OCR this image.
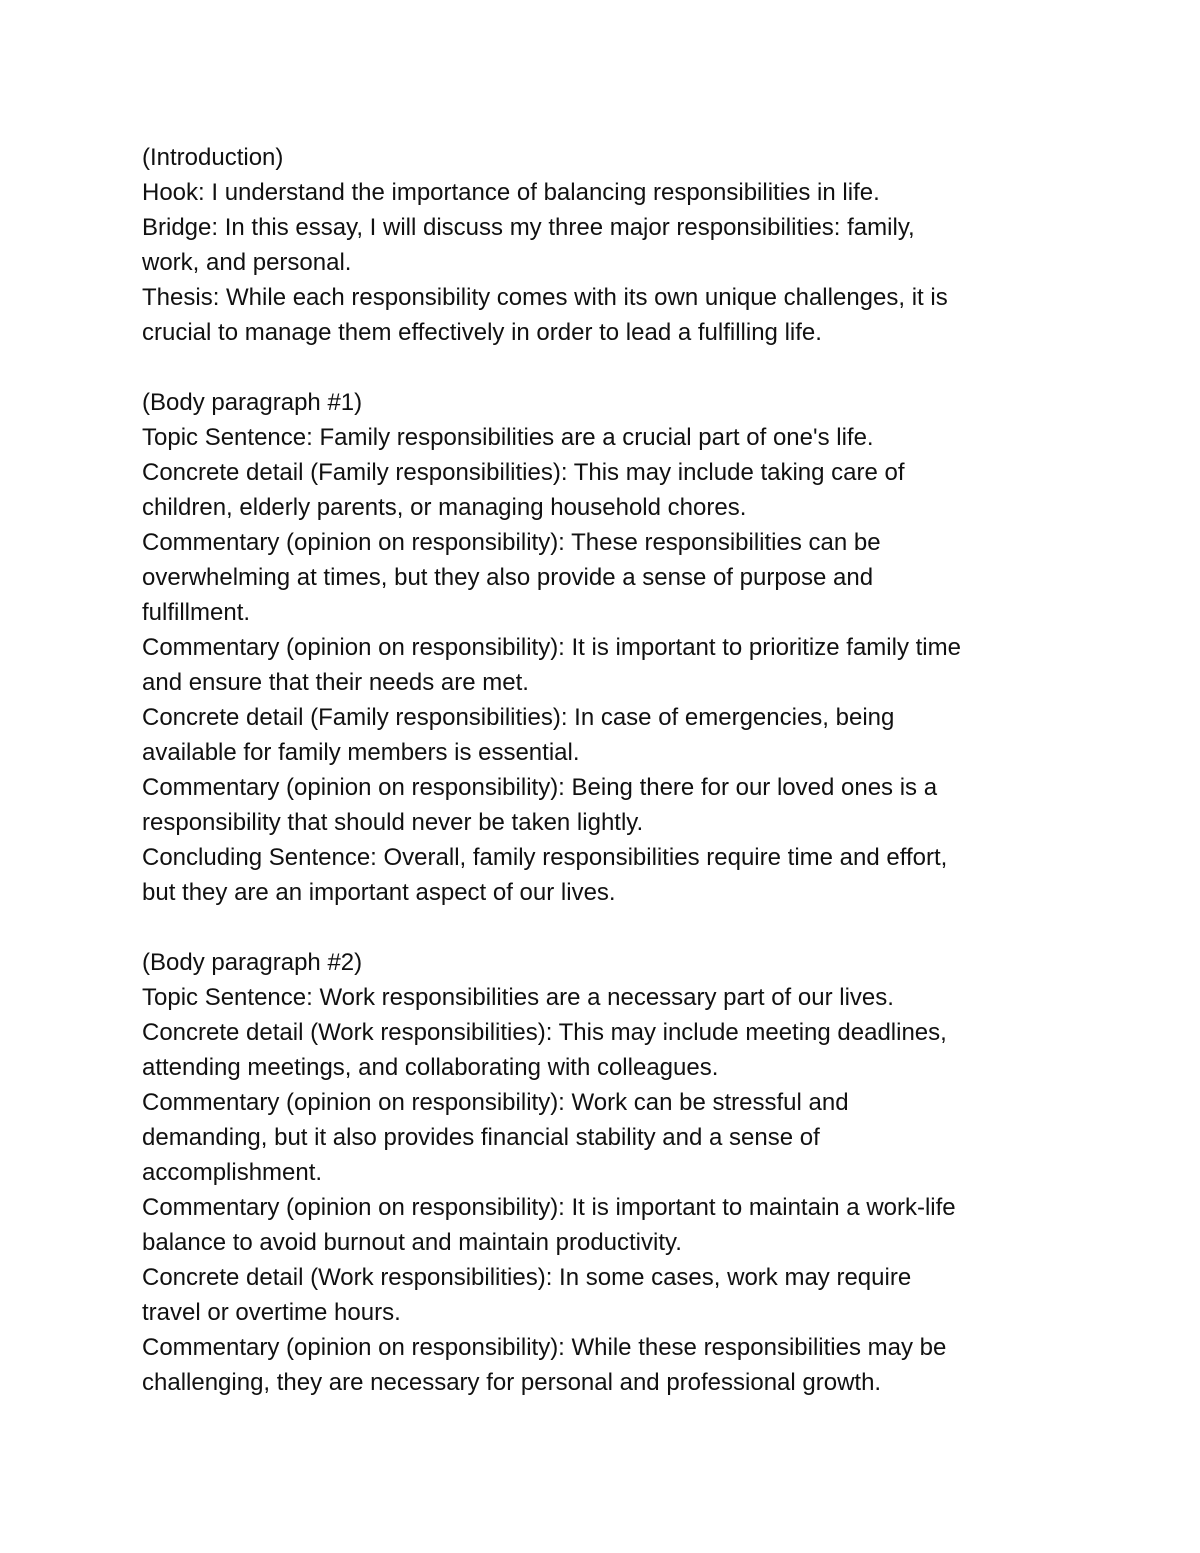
(Introduction)
Hook: I understand the importance of balancing responsibilities in life.
Bridge: In this essay, I will discuss my three major responsibilities: family,
work, and personal.
Thesis: While each responsibility comes with its own unique challenges, it is
crucial to manage them effectively in order to lead a fulfilling life.
(Body paragraph #1)
Topic Sentence: Family responsibilities are a crucial part of one's life.
Concrete detail (Family responsibilities): This may include taking care of
children, elderly parents, or managing household chores.
Commentary (opinion on responsibility): These responsibilities can be
overwhelming at times, but they also provide a sense of purpose and
fulfillment.
Commentary (opinion on responsibility): It is important to prioritize family time
and ensure that their needs are met.
Concrete detail (Family responsibilities): In case of emergencies, being
available for family members is essential.
Commentary (opinion on responsibility): Being there for our loved ones is a
responsibility that should never be taken lightly.
Concluding Sentence: Overall, family responsibilities require time and effort,
but they are an important aspect of our lives.
(Body paragraph #2)
Topic Sentence: Work responsibilities are a necessary part of our lives.
Concrete detail (Work responsibilities): This may include meeting deadlines,
attending meetings, and collaborating with colleagues.
Commentary (opinion on responsibility): Work can be stressful and
demanding, but it also provides financial stability and a sense of
accomplishment.
Commentary (opinion on responsibility): It is important to maintain a work-life
balance to avoid burnout and maintain productivity.
Concrete detail (Work responsibilities): In some cases, work may require
travel or overtime hours.
Commentary (opinion on responsibility): While these responsibilities may be
challenging, they are necessary for personal and professional growth.
